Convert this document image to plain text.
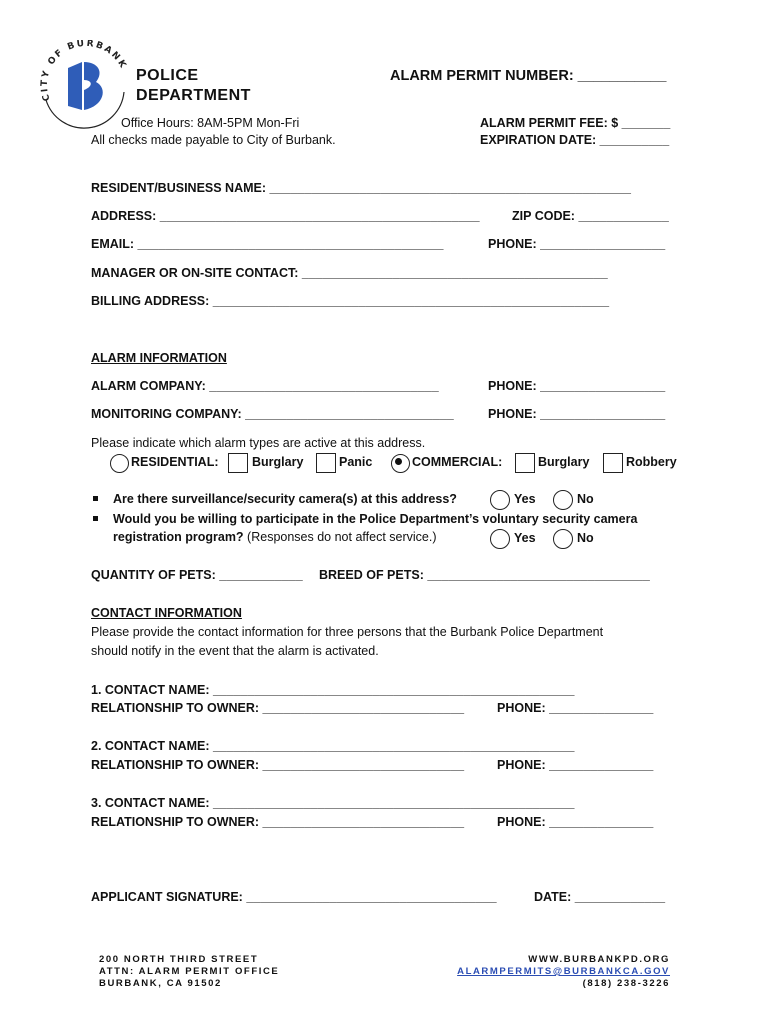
CITY OF BURBANK
POLICE
DEPARTMENT
Office Hours: 8AM-5PM Mon-Fri
All checks made payable to City of Burbank.
ALARM PERMIT NUMBER: ___________
ALARM PERMIT FEE: $ _______
EXPIRATION DATE: __________
RESIDENT/BUSINESS NAME: ____________________________________________________
ADDRESS: ______________________________________________	ZIP CODE: _____________
EMAIL: ____________________________________________	PHONE: __________________
MANAGER OR ON-SITE CONTACT: ____________________________________________
BILLING ADDRESS: _________________________________________________________
ALARM INFORMATION
ALARM COMPANY: _________________________________	PHONE: __________________
MONITORING COMPANY: ______________________________	PHONE: __________________
Please indicate which alarm types are active at this address.
RESIDENTIAL:	Burglary	Panic	COMMERCIAL:	Burglary	Robbery
Are there surveillance/security camera(s) at this address?	Yes	No
Would you be willing to participate in the Police Department’s voluntary security camera
registration program? (Responses do not affect service.)	Yes	No
QUANTITY OF PETS: ____________ BREED OF PETS: ________________________________
CONTACT INFORMATION
Please provide the contact information for three persons that the Burbank Police Department
should notify in the event that the alarm is activated.
1. CONTACT NAME: ____________________________________________________
RELATIONSHIP TO OWNER: _____________________________	PHONE: _______________
2. CONTACT NAME: ____________________________________________________
RELATIONSHIP TO OWNER: _____________________________	PHONE: _______________
3. CONTACT NAME: ____________________________________________________
RELATIONSHIP TO OWNER: _____________________________	PHONE: _______________
APPLICANT SIGNATURE: ____________________________________	DATE: _____________
200 NORTH THIRD STREET
ATTN: ALARM PERMIT OFFICE
BURBANK, CA 91502
WWW.BURBANKPD.ORG
ALARMPERMITS@BURBANKCA.GOV
(818) 238-3226
